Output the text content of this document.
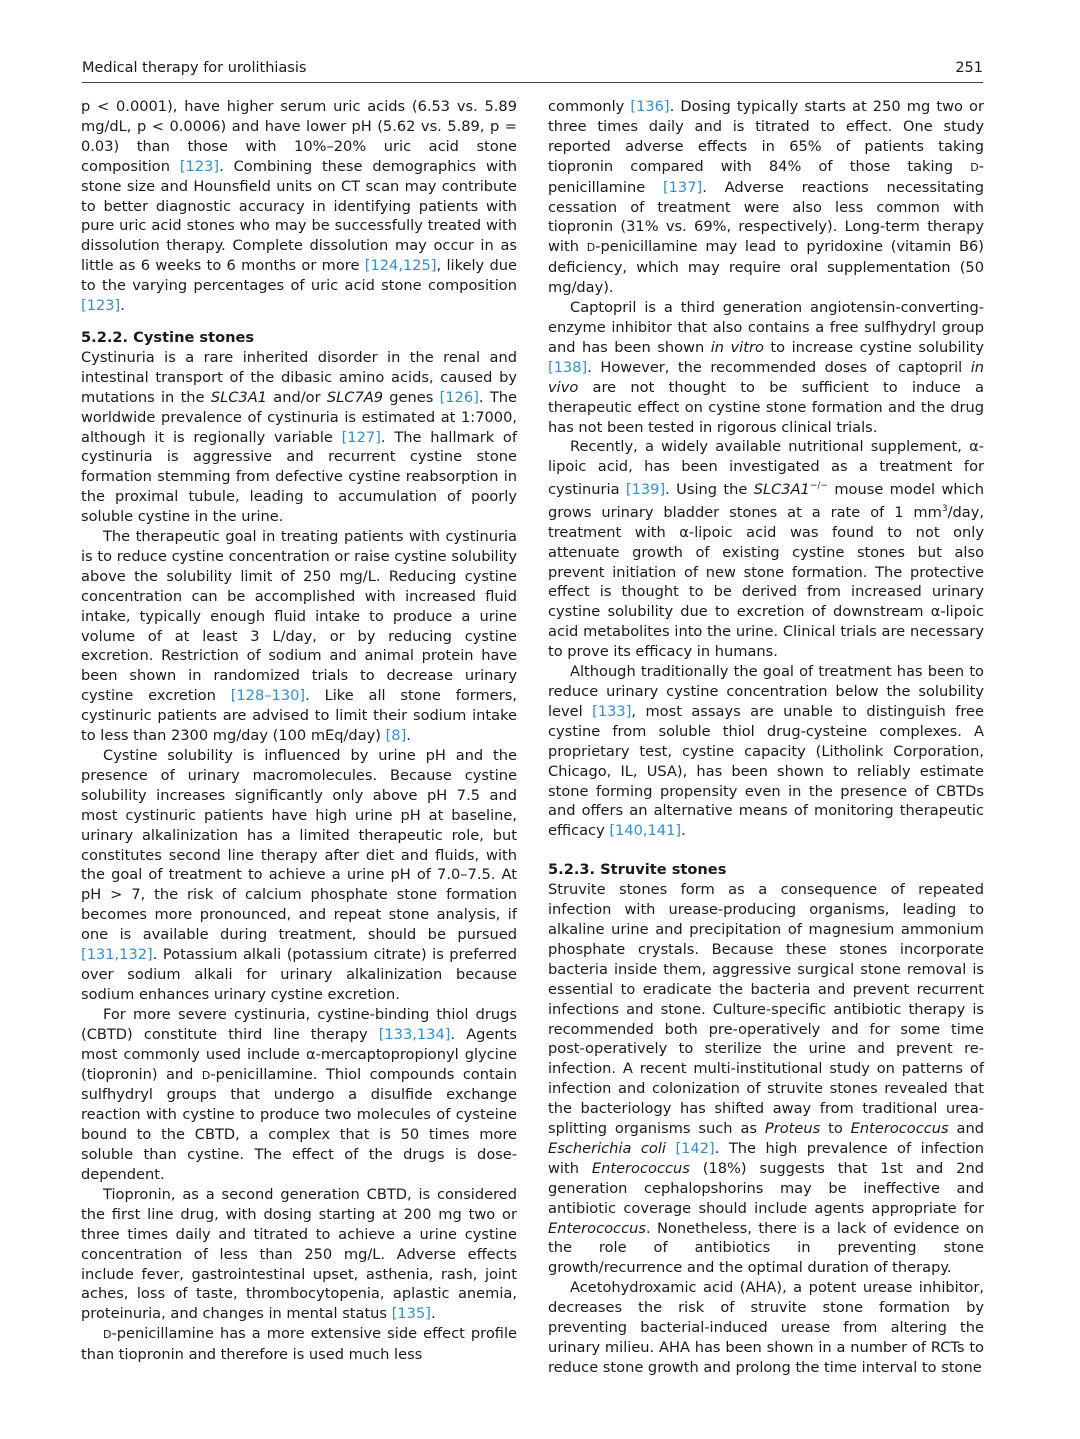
Medical therapy for urolithiasis	251

p < 0.0001), have higher serum uric acids (6.53 vs. 5.89 mg/dL, p < 0.0006) and have lower pH (5.62 vs. 5.89, p = 0.03) than those with 10%–20% uric acid stone composition [123]. Combining these demographics with stone size and Hounsfield units on CT scan may contribute to better diagnostic accuracy in identifying patients with pure uric acid stones who may be successfully treated with dissolution therapy. Complete dissolution may occur in as little as 6 weeks to 6 months or more [124,125], likely due to the varying percentages of uric acid stone composition [123].

5.2.2. Cystine stones

Cystinuria is a rare inherited disorder in the renal and intestinal transport of the dibasic amino acids, caused by mutations in the SLC3A1 and/or SLC7A9 genes [126]. The worldwide prevalence of cystinuria is estimated at 1:7000, although it is regionally variable [127]. The hallmark of cystinuria is aggressive and recurrent cystine stone formation stemming from defective cystine reabsorption in the proximal tubule, leading to accumulation of poorly soluble cystine in the urine.

The therapeutic goal in treating patients with cystinuria is to reduce cystine concentration or raise cystine solubility above the solubility limit of 250 mg/L. Reducing cystine concentration can be accomplished with increased fluid intake, typically enough fluid intake to produce a urine volume of at least 3 L/day, or by reducing cystine excretion. Restriction of sodium and animal protein have been shown in randomized trials to decrease urinary cystine excretion [128–130]. Like all stone formers, cystinuric patients are advised to limit their sodium intake to less than 2300 mg/day (100 mEq/day) [8].

Cystine solubility is influenced by urine pH and the presence of urinary macromolecules. Because cystine solubility increases significantly only above pH 7.5 and most cystinuric patients have high urine pH at baseline, urinary alkalinization has a limited therapeutic role, but constitutes second line therapy after diet and fluids, with the goal of treatment to achieve a urine pH of 7.0–7.5. At pH > 7, the risk of calcium phosphate stone formation becomes more pronounced, and repeat stone analysis, if one is available during treatment, should be pursued [131,132]. Potassium alkali (potassium citrate) is preferred over sodium alkali for urinary alkalinization because sodium enhances urinary cystine excretion.

For more severe cystinuria, cystine-binding thiol drugs (CBTD) constitute third line therapy [133,134]. Agents most commonly used include α-mercaptopropionyl glycine (tiopronin) and D-penicillamine. Thiol compounds contain sulfhydryl groups that undergo a disulfide exchange reaction with cystine to produce two molecules of cysteine bound to the CBTD, a complex that is 50 times more soluble than cystine. The effect of the drugs is dose-dependent.

Tiopronin, as a second generation CBTD, is considered the first line drug, with dosing starting at 200 mg two or three times daily and titrated to achieve a urine cystine concentration of less than 250 mg/L. Adverse effects include fever, gastrointestinal upset, asthenia, rash, joint aches, loss of taste, thrombocytopenia, aplastic anemia, proteinuria, and changes in mental status [135].

D-penicillamine has a more extensive side effect profile than tiopronin and therefore is used much less

commonly [136]. Dosing typically starts at 250 mg two or three times daily and is titrated to effect. One study reported adverse effects in 65% of patients taking tiopronin compared with 84% of those taking D-penicillamine [137]. Adverse reactions necessitating cessation of treatment were also less common with tiopronin (31% vs. 69%, respectively). Long-term therapy with D-penicillamine may lead to pyridoxine (vitamin B6) deficiency, which may require oral supplementation (50 mg/day).

Captopril is a third generation angiotensin-converting-enzyme inhibitor that also contains a free sulfhydryl group and has been shown in vitro to increase cystine solubility [138]. However, the recommended doses of captopril in vivo are not thought to be sufficient to induce a therapeutic effect on cystine stone formation and the drug has not been tested in rigorous clinical trials.

Recently, a widely available nutritional supplement, α-lipoic acid, has been investigated as a treatment for cystinuria [139]. Using the SLC3A1−/− mouse model which grows urinary bladder stones at a rate of 1 $mm^3$/day, treatment with α-lipoic acid was found to not only attenuate growth of existing cystine stones but also prevent initiation of new stone formation. The protective effect is thought to be derived from increased urinary cystine solubility due to excretion of downstream α-lipoic acid metabolites into the urine. Clinical trials are necessary to prove its efficacy in humans.

Although traditionally the goal of treatment has been to reduce urinary cystine concentration below the solubility level [133], most assays are unable to distinguish free cystine from soluble thiol drug-cysteine complexes. A proprietary test, cystine capacity (Litholink Corporation, Chicago, IL, USA), has been shown to reliably estimate stone forming propensity even in the presence of CBTDs and offers an alternative means of monitoring therapeutic efficacy [140,141].

5.2.3. Struvite stones

Struvite stones form as a consequence of repeated infection with urease-producing organisms, leading to alkaline urine and precipitation of magnesium ammonium phosphate crystals. Because these stones incorporate bacteria inside them, aggressive surgical stone removal is essential to eradicate the bacteria and prevent recurrent infections and stone. Culture-specific antibiotic therapy is recommended both pre-operatively and for some time post-operatively to sterilize the urine and prevent re-infection. A recent multi-institutional study on patterns of infection and colonization of struvite stones revealed that the bacteriology has shifted away from traditional urea-splitting organisms such as Proteus to Enterococcus and Escherichia coli [142]. The high prevalence of infection with Enterococcus (18%) suggests that 1st and 2nd generation cephalopshorins may be ineffective and antibiotic coverage should include agents appropriate for Enterococcus. Nonetheless, there is a lack of evidence on the role of antibiotics in preventing stone growth/recurrence and the optimal duration of therapy.

Acetohydroxamic acid (AHA), a potent urease inhibitor, decreases the risk of struvite stone formation by preventing bacterial-induced urease from altering the urinary milieu. AHA has been shown in a number of RCTs to reduce stone growth and prolong the time interval to stone
